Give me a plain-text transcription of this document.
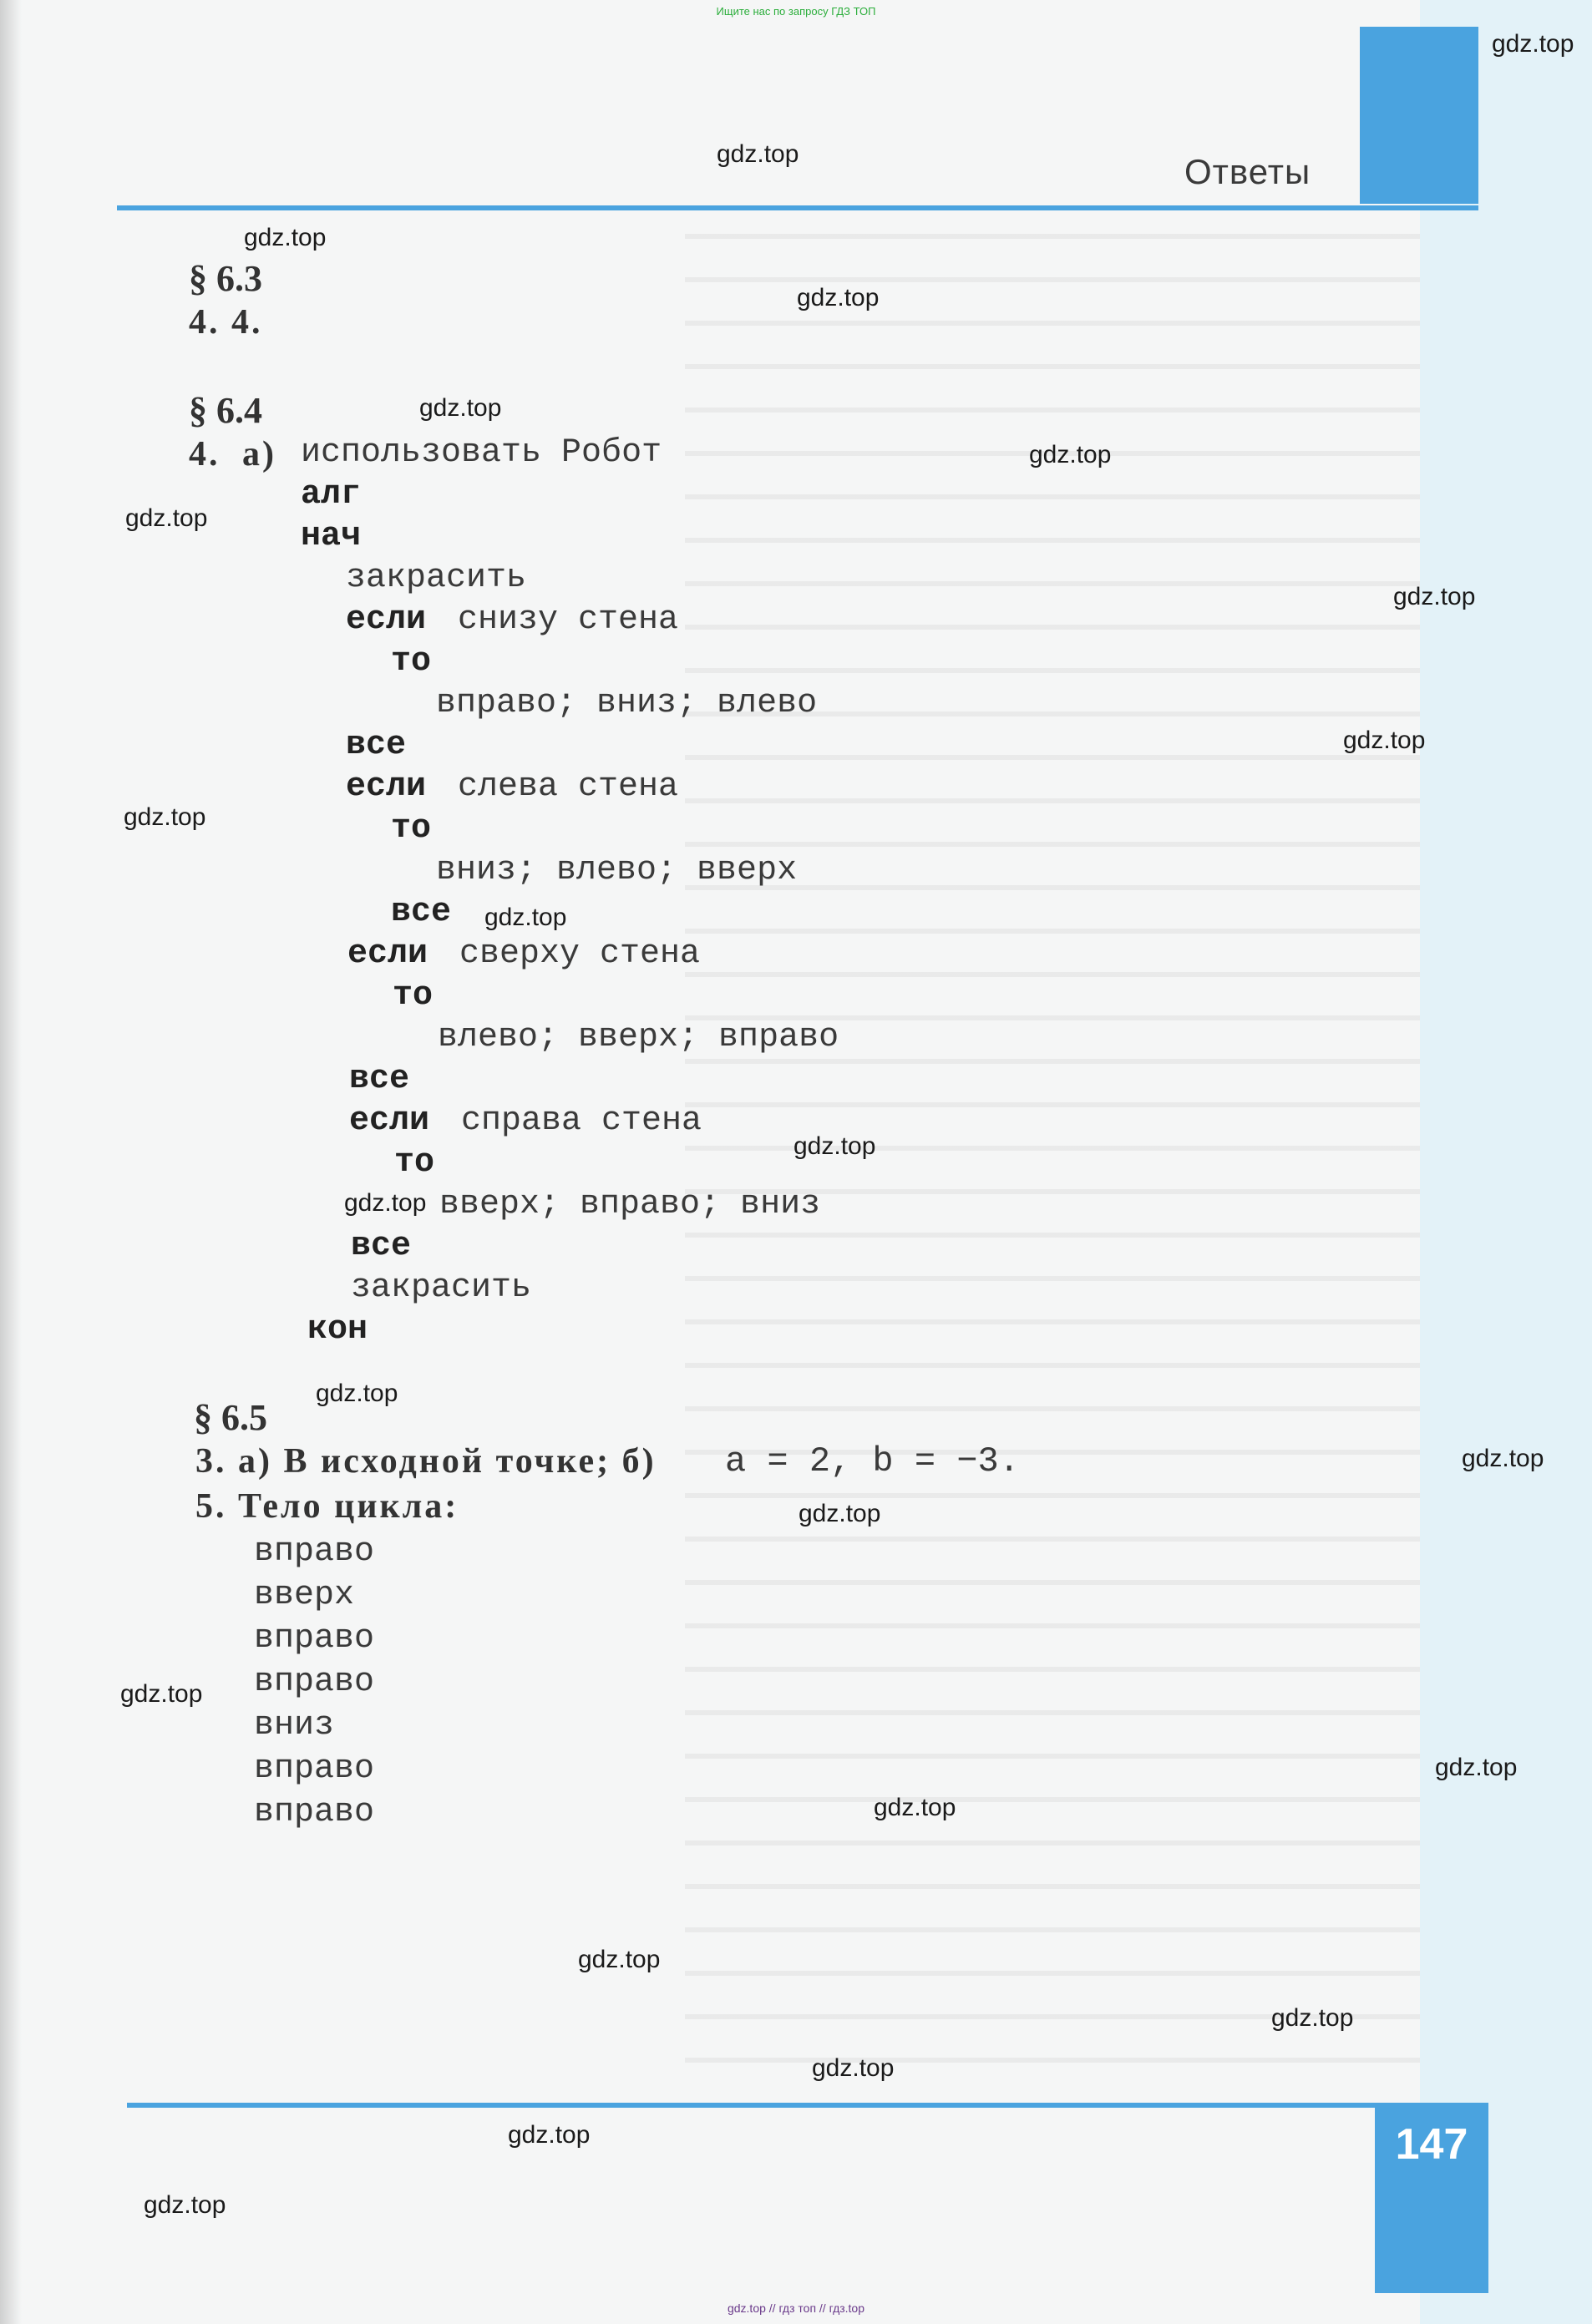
Ищите нас по запросу ГДЗ ТОП
Ответы
§ 6.3
4. 4.
§ 6.4
4. а) использовать Робот
алг
нач
закрасить
если снизу стена
то
вправо; вниз; влево
все
если слева стена
то
вниз; влево; вверх
все
если сверху стена
то
влево; вверх; вправо
все
если справа стена
то
вверх; вправо; вниз
все
закрасить
кон
§ 6.5
3. а) В исходной точке; б) a = 2, b = −3.
5. Тело цикла:
вправо
вверх
вправо
вправо
вниз
вправо
вправо
147
gdz.top // гдз топ // гдз.top
gdz.top
gdz.top
gdz.top
gdz.top
gdz.top
gdz.top
gdz.top
gdz.top
gdz.top
gdz.top
gdz.top
gdz.top
gdz.top
gdz.top
gdz.top
gdz.top
gdz.top
gdz.top
gdz.top
gdz.top
gdz.top
gdz.top
gdz.top
gdz.top
